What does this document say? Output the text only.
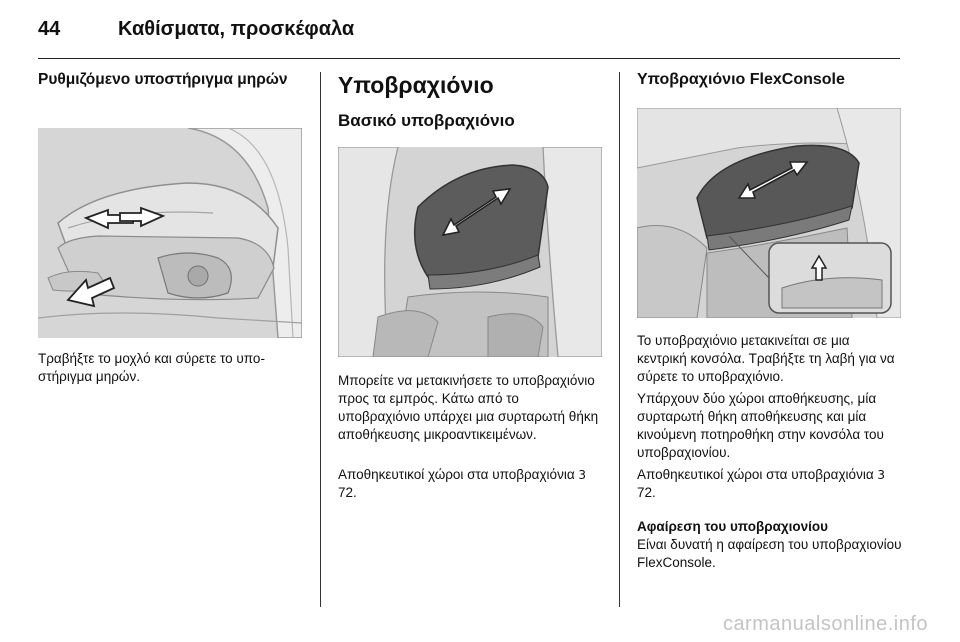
44	Καθίσματα, προσκέφαλα

Ρυθμιζόμενο υποστήριγμα μηρών

Τραβήξτε το μοχλό και σύρετε το υποστήριγμα μηρών.

Υποβραχιόνιο

Βασικό υποβραχιόνιο

Μπορείτε να μετακινήσετε το υποβραχιόνιο προς τα εμπρός. Κάτω από το υποβραχιόνιο υπάρχει μια συρταρωτή θήκη αποθήκευσης μικροαντικειμένων.

Αποθηκευτικοί χώροι στα υποβραχιόνια 3 72.

Υποβραχιόνιο FlexConsole

Το υποβραχιόνιο μετακινείται σε μια κεντρική κονσόλα. Τραβήξτε τη λαβή για να σύρετε το υποβραχιόνιο.

Υπάρχουν δύο χώροι αποθήκευσης, μία συρταρωτή θήκη αποθήκευσης και μία κινούμενη ποτηροθήκη στην κονσόλα του υποβραχιονίου.

Αποθηκευτικοί χώροι στα υποβραχιόνια 3 72.

Αφαίρεση του υποβραχιονίου

Είναι δυνατή η αφαίρεση του υποβραχιονίου FlexConsole.

carmanualsonline.info
